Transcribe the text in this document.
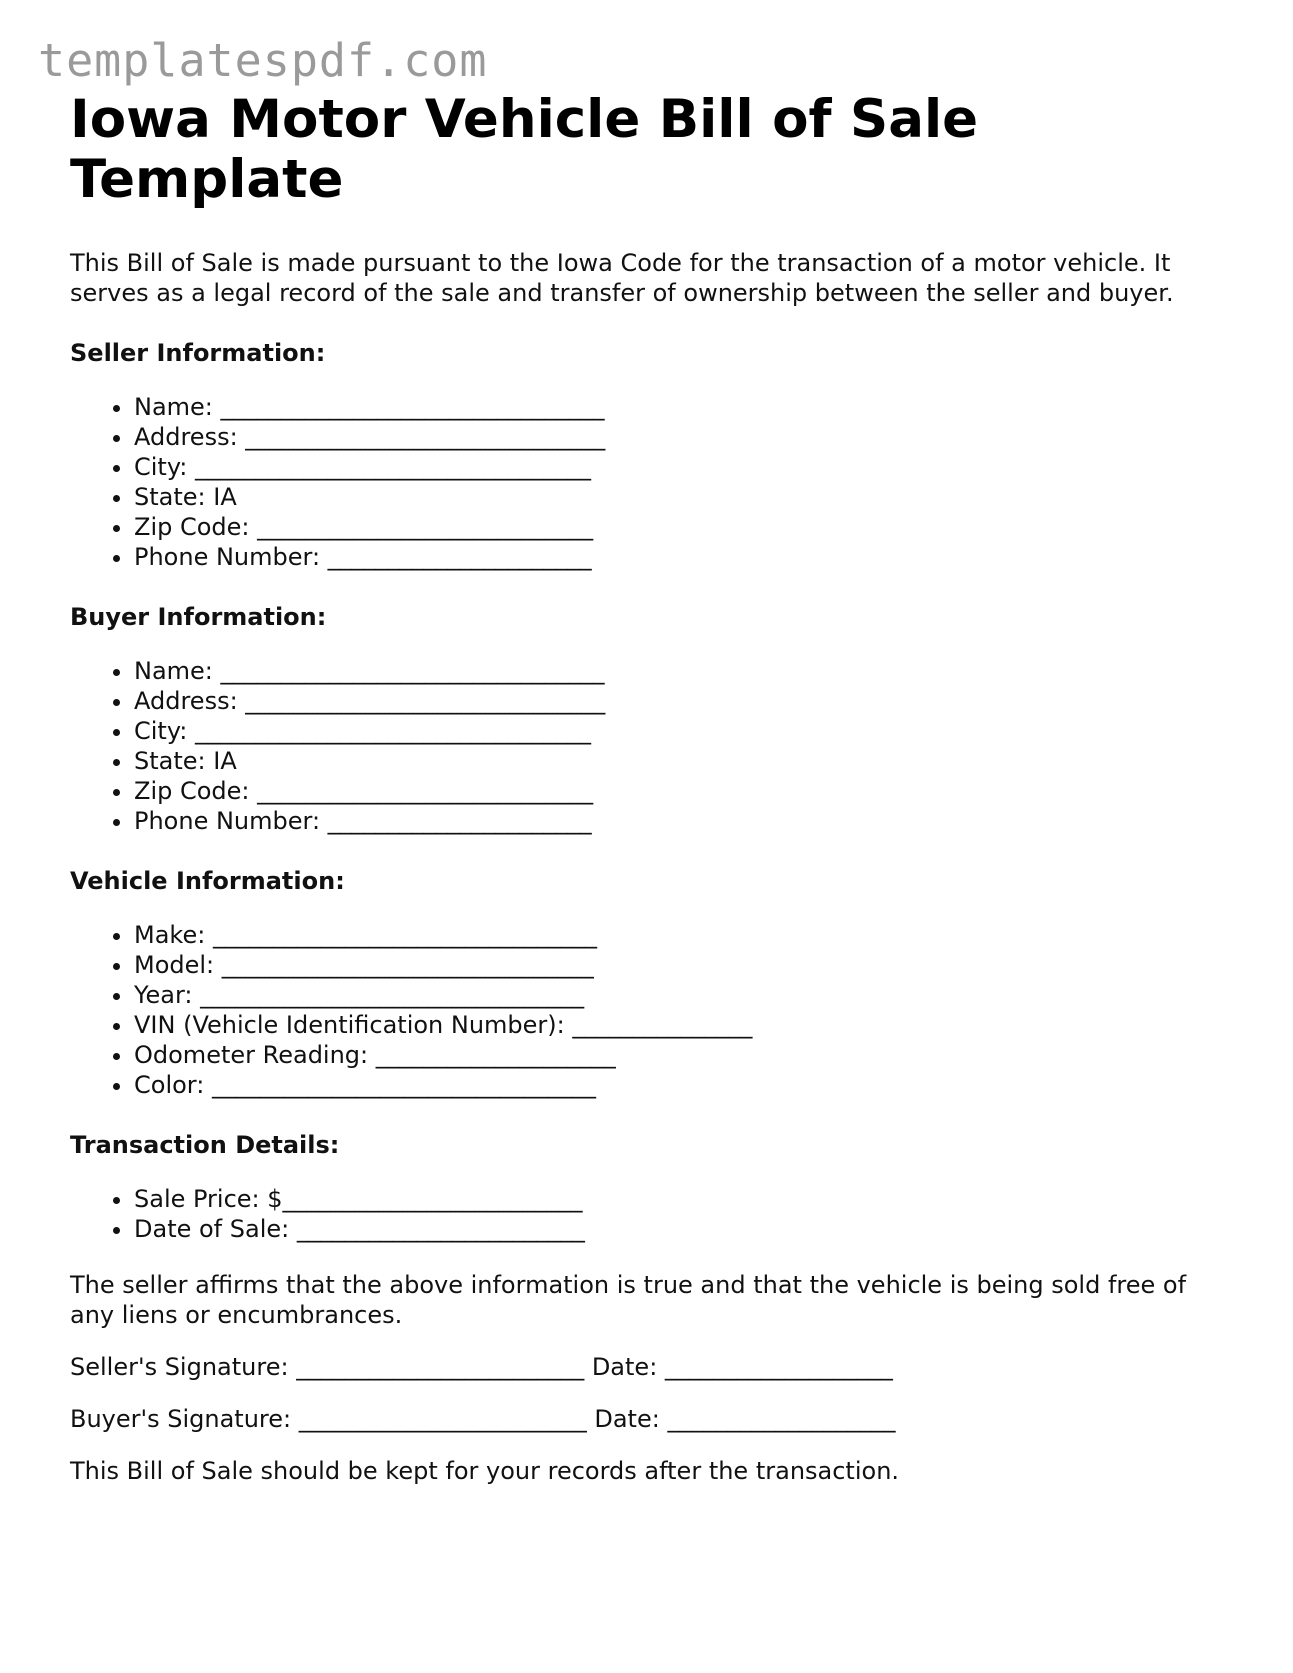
templatespdf.com
Iowa Motor Vehicle Bill of Sale Template

This Bill of Sale is made pursuant to the Iowa Code for the transaction of a motor vehicle. It serves as a legal record of the sale and transfer of ownership between the seller and buyer.

Seller Information:

• Name: ________________________________
• Address: ______________________________
• City: _________________________________
• State: IA
• Zip Code: ____________________________
• Phone Number: ______________________

Buyer Information:

• Name: ________________________________
• Address: ______________________________
• City: _________________________________
• State: IA
• Zip Code: ____________________________
• Phone Number: ______________________

Vehicle Information:

• Make: ________________________________
• Model: _______________________________
• Year: ________________________________
• VIN (Vehicle Identification Number): _______________
• Odometer Reading: ____________________
• Color: ________________________________

Transaction Details:

• Sale Price: $_________________________
• Date of Sale: ________________________

The seller affirms that the above information is true and that the vehicle is being sold free of any liens or encumbrances.

Seller's Signature: ________________________ Date: ___________________

Buyer's Signature: ________________________ Date: ___________________

This Bill of Sale should be kept for your records after the transaction.
